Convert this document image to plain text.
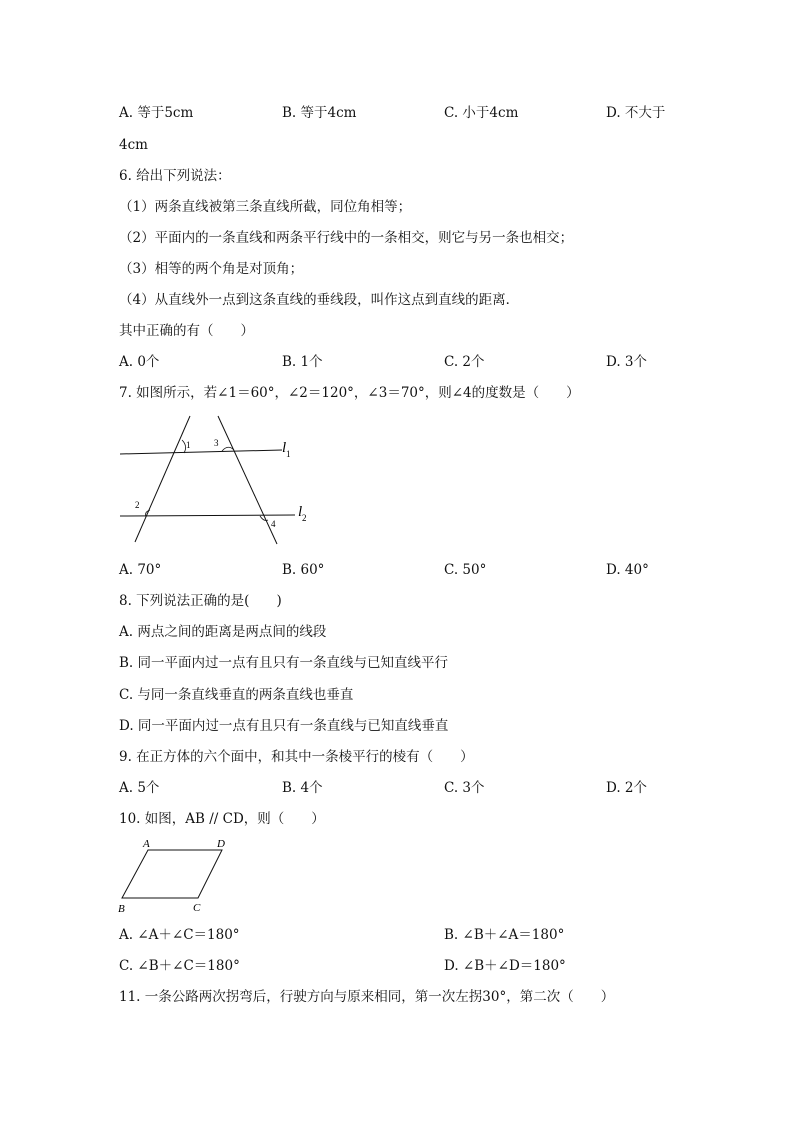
A. 等于5cm	B. 等于4cm	C. 小于4cm	D. 不大于
4cm
6. 给出下列说法：
（1）两条直线被第三条直线所截，同位角相等；
（2）平面内的一条直线和两条平行线中的一条相交，则它与另一条也相交；
（3）相等的两个角是对顶角；
（4）从直线外一点到这条直线的垂线段，叫作这点到直线的距离．
其中正确的有（　　）
A. 0个	B. 1个	C. 2个	D. 3个
7. 如图所示，若∠1＝60°，∠2＝120°，∠3＝70°，则∠4的度数是（　　）
1	3
2
4
l 1
l 2
A. 70°	B. 60°	C. 50°	D. 40°
8. 下列说法正确的是(　　)
A. 两点之间的距离是两点间的线段
B. 同一平面内过一点有且只有一条直线与已知直线平行
C. 与同一条直线垂直的两条直线也垂直
D. 同一平面内过一点有且只有一条直线与已知直线垂直
9. 在正方体的六个面中，和其中一条棱平行的棱有（　　）
A. 5个	B. 4个	C. 3个	D. 2个
10. 如图，AB // CD，则（　　）
A	D
B	C
A. ∠A＋∠C＝180°	B. ∠B＋∠A＝180°
C. ∠B＋∠C＝180°	D. ∠B＋∠D＝180°
11. 一条公路两次拐弯后，行驶方向与原来相同，第一次左拐30°，第二次（　　）
